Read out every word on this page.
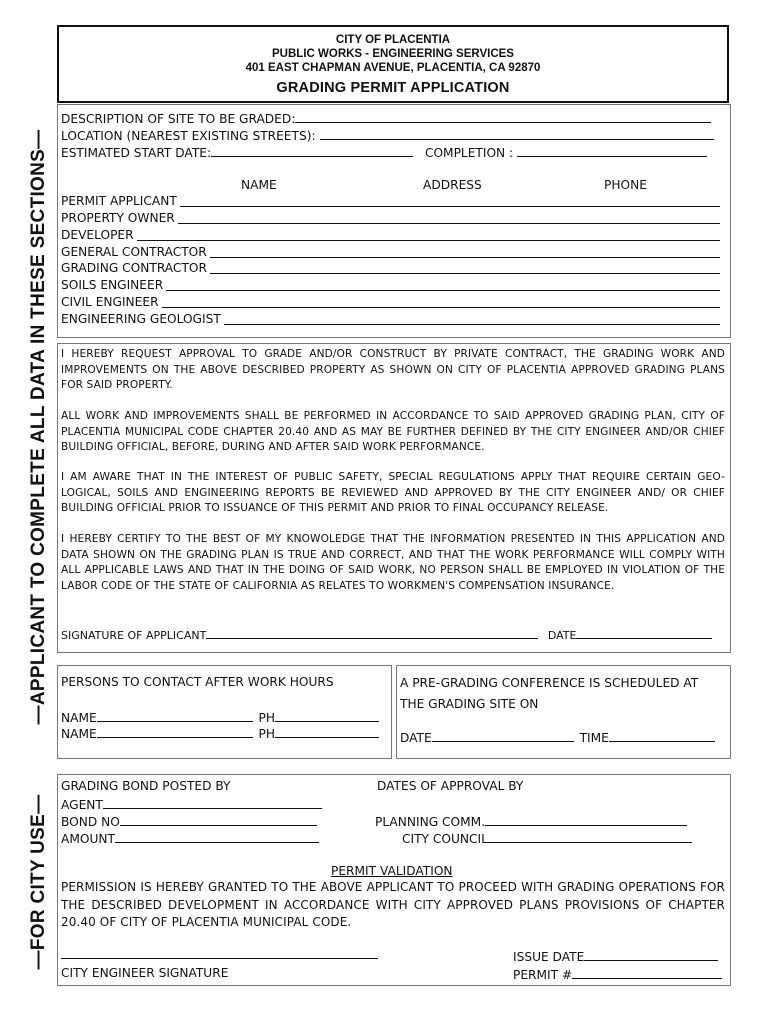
—APPLICANT TO COMPLETE ALL DATA IN THESE SECTIONS—
—FOR CITY USE—
CITY OF PLACENTIA
PUBLIC WORKS - ENGINEERING SERVICES
401 EAST CHAPMAN AVENUE, PLACENTIA, CA 92870
GRADING PERMIT APPLICATION
DESCRIPTION OF SITE TO BE GRADED:
LOCATION (NEAREST EXISTING STREETS):
ESTIMATED START DATE:	COMPLETION :
NAME	ADDRESS	PHONE
PERMIT APPLICANT
PROPERTY OWNER
DEVELOPER
GENERAL CONTRACTOR
GRADING CONTRACTOR
SOILS ENGINEER
CIVIL ENGINEER
ENGINEERING GEOLOGIST
I HEREBY REQUEST APPROVAL TO GRADE AND/OR CONSTRUCT BY PRIVATE CONTRACT, THE GRADING WORK AND IMPROVEMENTS ON THE ABOVE DESCRIBED PROPERTY AS SHOWN ON CITY OF PLACENTIA APPROVED GRADING PLANS FOR SAID PROPERTY.
ALL WORK AND IMPROVEMENTS SHALL BE PERFORMED IN ACCORDANCE TO SAID APPROVED GRADING PLAN, CITY OF PLACENTIA MUNICIPAL CODE CHAPTER 20.40 AND AS MAY BE FURTHER DEFINED BY THE CITY ENGINEER AND/OR CHIEF BUILDING OFFICIAL, BEFORE, DURING AND AFTER SAID WORK PERFORMANCE.
I AM AWARE THAT IN THE INTEREST OF PUBLIC SAFETY, SPECIAL REGULATIONS APPLY THAT REQUIRE CERTAIN GEO-LOGICAL, SOILS AND ENGINEERING REPORTS BE REVIEWED AND APPROVED BY THE CITY ENGINEER AND/ OR CHIEF BUILDING OFFICIAL PRIOR TO ISSUANCE OF THIS PERMIT AND PRIOR TO FINAL OCCUPANCY RELEASE.
I HEREBY CERTIFY TO THE BEST OF MY KNOWOLEDGE THAT THE INFORMATION PRESENTED IN THIS APPLICATION AND DATA SHOWN ON THE GRADING PLAN IS TRUE AND CORRECT, AND THAT THE WORK PERFORMANCE WILL COMPLY WITH ALL APPLICABLE LAWS AND THAT IN THE DOING OF SAID WORK, NO PERSON SHALL BE EMPLOYED IN VIOLATION OF THE LABOR CODE OF THE STATE OF CALIFORNIA AS RELATES TO WORKMEN'S COMPENSATION INSURANCE.
SIGNATURE OF APPLICANT	DATE
PERSONS TO CONTACT AFTER WORK HOURS
NAME	PH
NAME	PH
A PRE-GRADING CONFERENCE IS SCHEDULED AT
THE GRADING SITE ON
DATE	TIME
GRADING BOND POSTED BY	DATES OF APPROVAL BY
AGENT
BOND NO	PLANNING COMM.
AMOUNT	CITY COUNCIL
PERMIT VALIDATION
PERMISSION IS HEREBY GRANTED TO THE ABOVE APPLICANT TO PROCEED WITH GRADING OPERATIONS FOR THE DESCRIBED DEVELOPMENT IN ACCORDANCE WITH CITY APPROVED PLANS PROVISIONS OF CHAPTER 20.40 OF CITY OF PLACENTIA MUNICIPAL CODE.
CITY ENGINEER SIGNATURE
ISSUE DATE
PERMIT #
